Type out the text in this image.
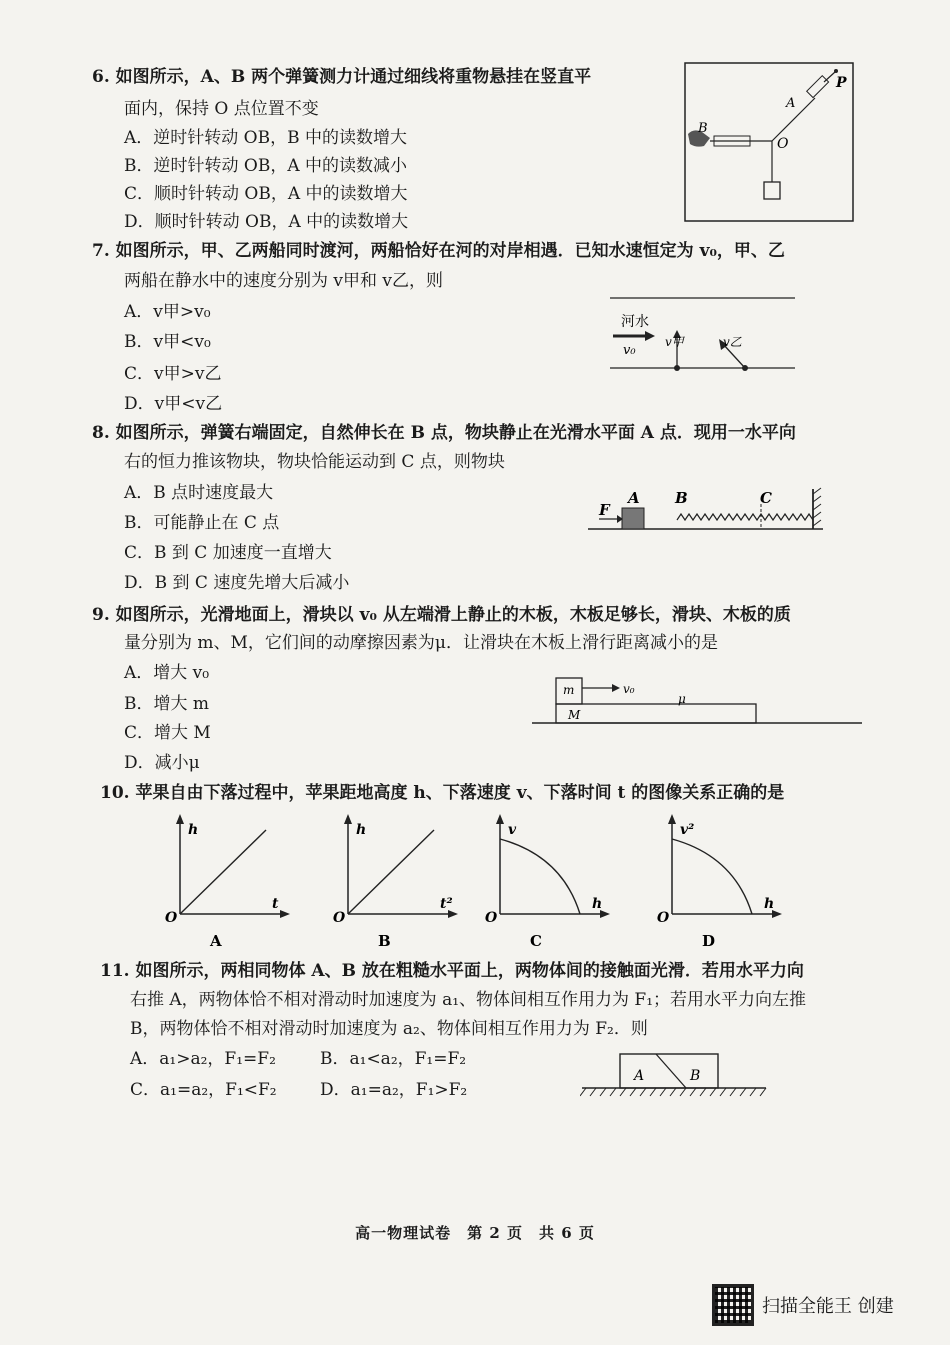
6. 如图所示，A、B 两个弹簧测力计通过细线将重物悬挂在竖直平
面内，保持 O 点位置不变
A．逆时针转动 OB，B 中的读数增大
B．逆时针转动 OB，A 中的读数减小
C．顺时针转动 OB，A 中的读数增大
D．顺时针转动 OB，A 中的读数增大
P
A
B
O
7. 如图所示，甲、乙两船同时渡河，两船恰好在河的对岸相遇．已知水速恒定为 v₀，甲、乙
两船在静水中的速度分别为 v甲和 v乙，则
A．v甲>v₀
B．v甲<v₀
C．v甲>v乙
D．v甲<v乙
河水
v₀
v甲	v乙
8. 如图所示，弹簧右端固定，自然伸长在 B 点，物块静止在光滑水平面 A 点．现用一水平向
右的恒力推该物块，物块恰能运动到 C 点，则物块
A．B 点时速度最大
B．可能静止在 C 点
C．B 到 C 加速度一直增大
D．B 到 C 速度先增大后减小
F
A B	C
9. 如图所示，光滑地面上，滑块以 v₀ 从左端滑上静止的木板，木板足够长，滑块、木板的质
量分别为 m、M，它们间的动摩擦因素为μ．让滑块在木板上滑行距离减小的是
A．增大 v₀
B．增大 m
C．增大 M
D．减小μ
m
M
v₀
μ
10. 苹果自由下落过程中，苹果距地高度 h、下落速度 v、下落时间 t 的图像关系正确的是
h
t
O
A
h
t²
O
B
v
h
O
C
v²
h
O
D
11. 如图所示，两相同物体 A、B 放在粗糙水平面上，两物体间的接触面光滑．若用水平力向
右推 A，两物体恰不相对滑动时加速度为 a₁、物体间相互作用力为 F₁；若用水平力向左推
B，两物体恰不相对滑动时加速度为 a₂、物体间相互作用力为 F₂．则
A．a₁>a₂，F₁=F₂	B．a₁<a₂，F₁=F₂
C．a₁=a₂，F₁<F₂	D．a₁=a₂，F₁>F₂
A	B
高一物理试卷　第 2 页　共 6 页
扫描全能王 创建
